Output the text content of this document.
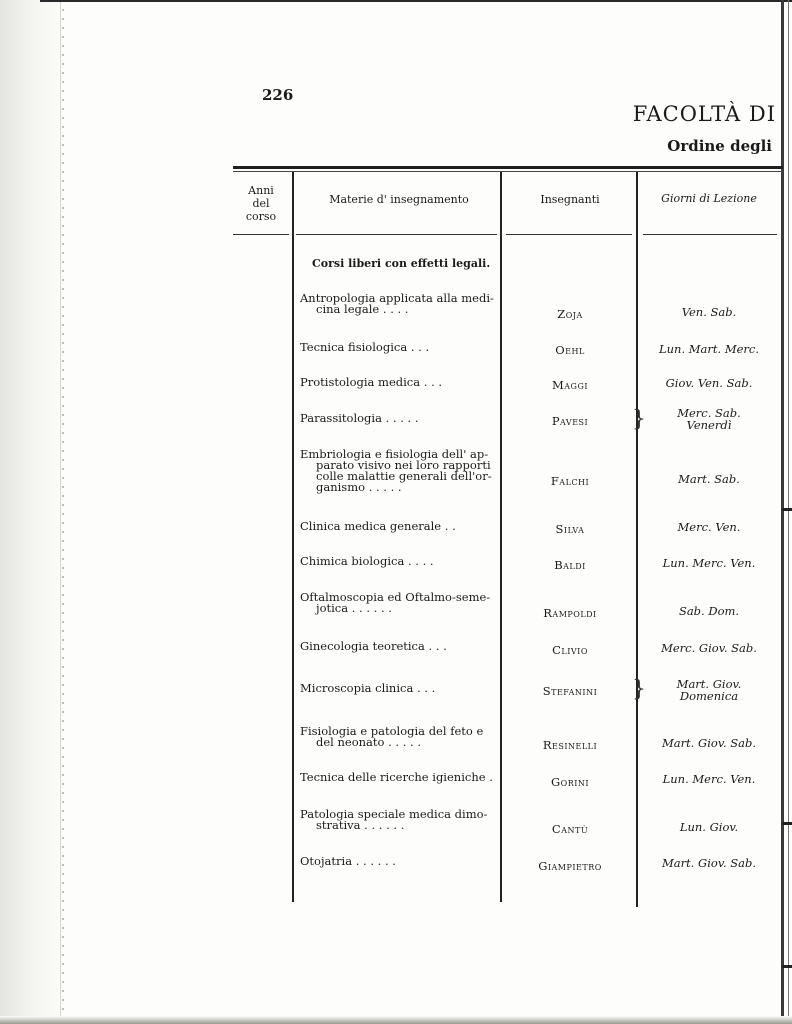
226
FACOLTÀ DI
Ordine degli
Anni
del
corso
Materie d' insegnamento	Insegnanti	Giorni di Lezione
Corsi liberi con effetti legali.
Antropologia applicata alla medi-
cina legale . . . .	Zoja	Ven. Sab.
Tecnica fisiologica . . .	Oehl	Lun. Mart. Merc.
Protistologia medica . . .	Maggi	Giov. Ven. Sab.
Parassitologia . . . . .	Pavesi	}	Merc. Sab.
Venerdì
Embriologia e fisiologia dell' ap-
parato visivo nei loro rapporti
colle malattie generali dell'or-
ganismo . . . . .	Falchi	Mart. Sab.
Clinica medica generale . .	Silva	Merc. Ven.
Chimica biologica . . . .	Baldi	Lun. Merc. Ven.
Oftalmoscopia ed Oftalmo-seme-
jotica . . . . . .	Rampoldi	Sab. Dom.
Ginecologia teoretica . . .	Clivio	Merc. Giov. Sab.
Microscopia clinica . . .	Stefanini	}	Mart. Giov.
Domenica
Fisiologia e patologia del feto e
del neonato . . . . .	Resinelli	Mart. Giov. Sab.
Tecnica delle ricerche igieniche .	Gorini	Lun. Merc. Ven.
Patologia speciale medica dimo-
strativa . . . . . .	Cantù	Lun. Giov.
Otojatria . . . . . .	Giampietro	Mart. Giov. Sab.
